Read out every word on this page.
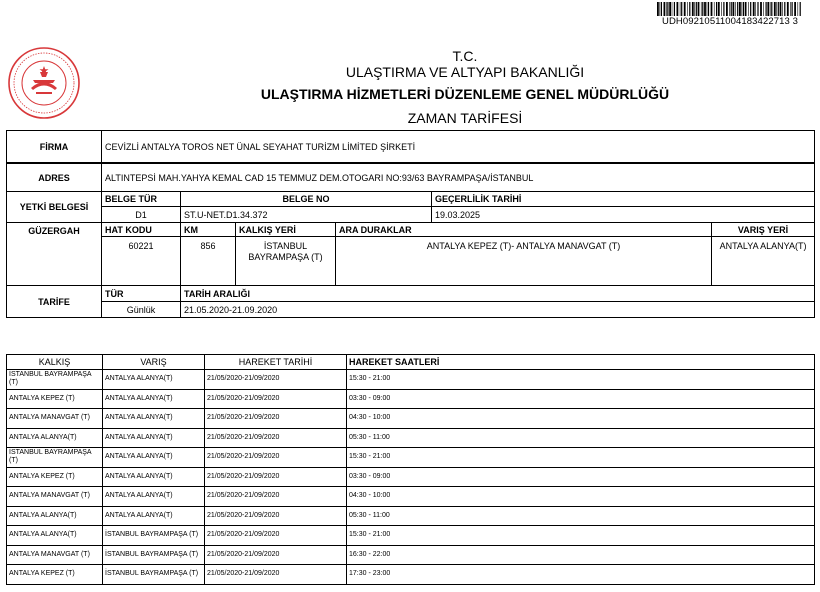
UDH09210511004183422713 3
T.C.
ULAŞTIRMA VE ALTYAPI BAKANLIĞI
ULAŞTIRMA HİZMETLERİ DÜZENLEME GENEL MÜDÜRLÜĞÜ
ZAMAN TARİFESİ
FİRMA	CEVİZLİ ANTALYA TOROS NET ÜNAL SEYAHAT TURİZM LİMİTED ŞİRKETİ					

ADRES	ALTINTEPSİ MAH.YAHYA KEMAL CAD 15 TEMMUZ DEM.OTOGARI NO:93/63 BAYRAMPAŞA/İSTANBUL					
YETKİ BELGESİ	BELGE TÜR	BELGE NO			GEÇERLİLİK TARİHİ	
	D1	ST.U-NET.D1.34.372			19.03.2025	
GÜZERGAH	HAT KODU	KM	KALKIŞ YERİ	ARA DURAKLAR		VARIŞ YERİ
	60221	856	İSTANBUL BAYRAMPAŞA (T)	ANTALYA KEPEZ (T)- ANTALYA MANAVGAT (T)		ANTALYA ALANYA(T)
TARİFE	TÜR	TARİH ARALIĞI				
	Günlük	21.05.2020-21.09.2020				
KALKIŞ	VARIŞ	HAREKET TARİHİ	HAREKET SAATLERİ
İSTANBUL BAYRAMPAŞA (T)	ANTALYA ALANYA(T)	21/05/2020-21/09/2020	15:30 - 21:00
ANTALYA KEPEZ (T)	ANTALYA ALANYA(T)	21/05/2020-21/09/2020	03:30 - 09:00
ANTALYA MANAVGAT (T)	ANTALYA ALANYA(T)	21/05/2020-21/09/2020	04:30 - 10:00
ANTALYA ALANYA(T)	ANTALYA ALANYA(T)	21/05/2020-21/09/2020	05:30 - 11:00
İSTANBUL BAYRAMPAŞA (T)	ANTALYA ALANYA(T)	21/05/2020-21/09/2020	15:30 - 21:00
ANTALYA KEPEZ (T)	ANTALYA ALANYA(T)	21/05/2020-21/09/2020	03:30 - 09:00
ANTALYA MANAVGAT (T)	ANTALYA ALANYA(T)	21/05/2020-21/09/2020	04:30 - 10:00
ANTALYA ALANYA(T)	ANTALYA ALANYA(T)	21/05/2020-21/09/2020	05:30 - 11:00
ANTALYA ALANYA(T)	İSTANBUL BAYRAMPAŞA (T)	21/05/2020-21/09/2020	15:30 - 21:00
ANTALYA MANAVGAT (T)	İSTANBUL BAYRAMPAŞA (T)	21/05/2020-21/09/2020	16:30 - 22:00
ANTALYA KEPEZ (T)	İSTANBUL BAYRAMPAŞA (T)	21/05/2020-21/09/2020	17:30 - 23:00
